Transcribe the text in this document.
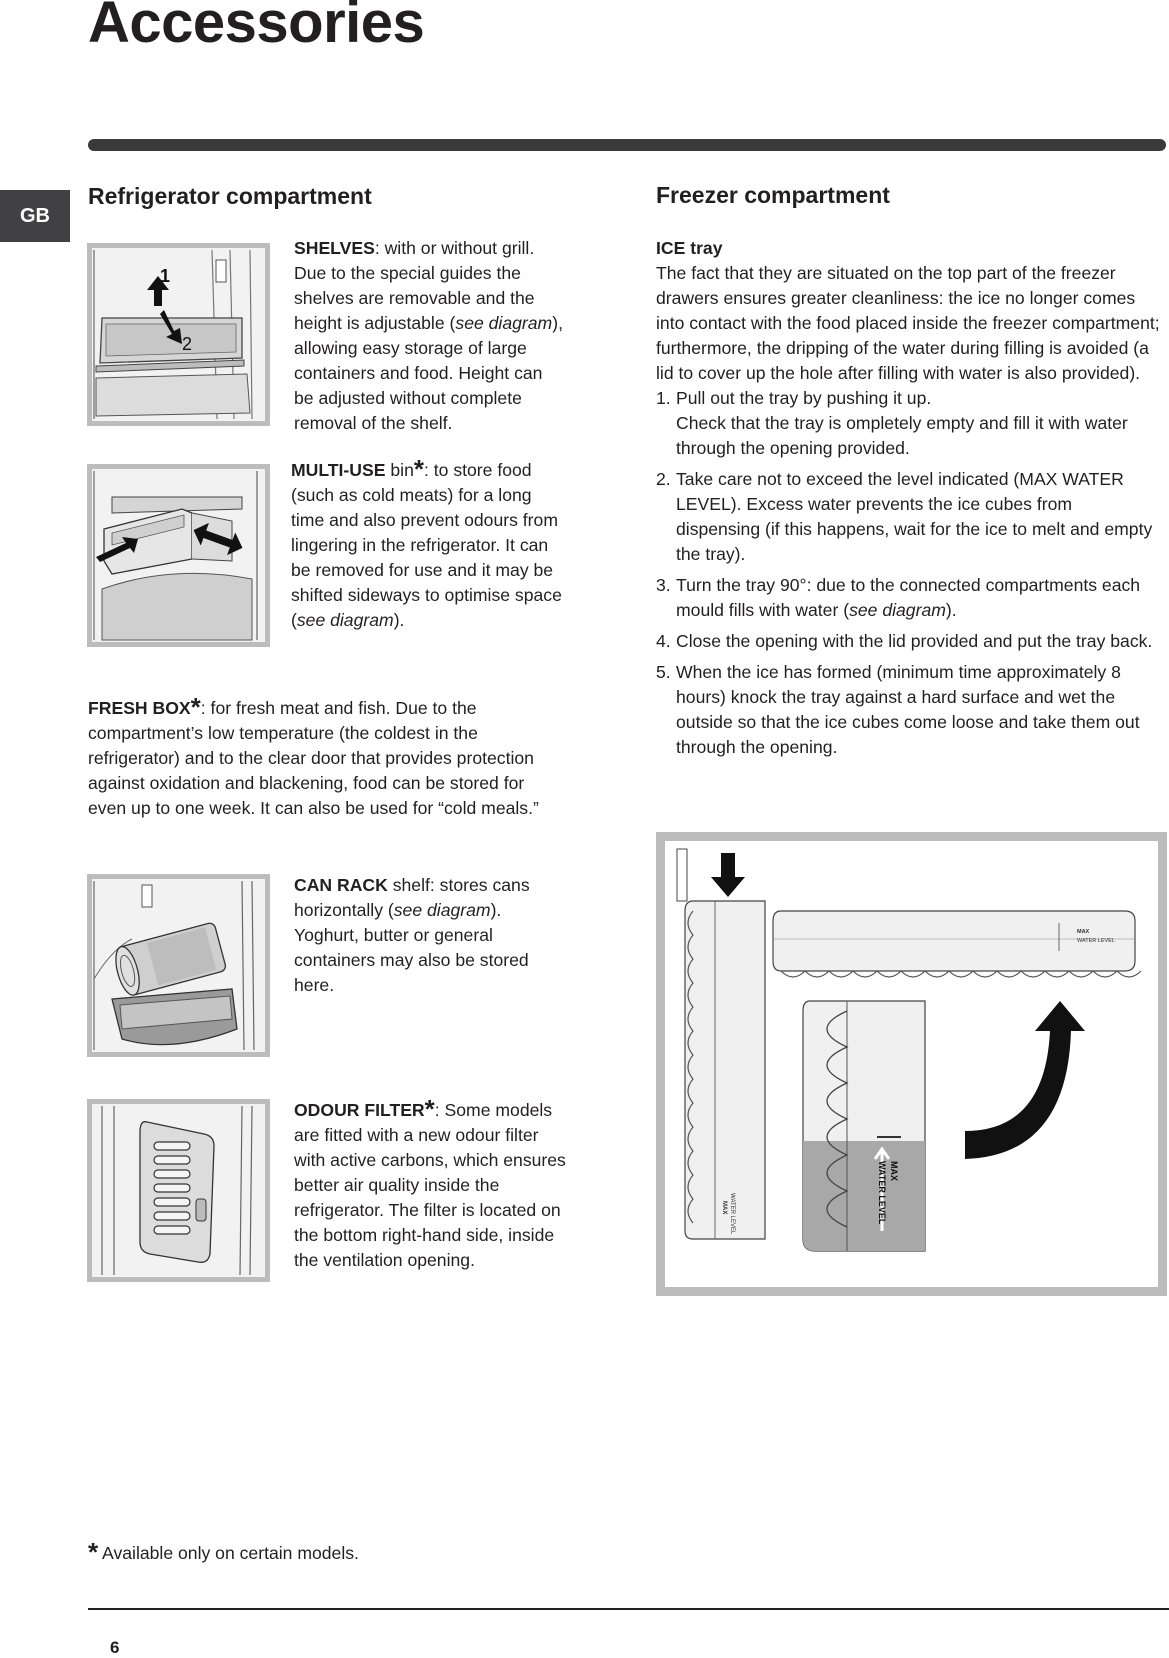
Accessories
GB
Refrigerator compartment
1
2

SHELVES: with or without grill. Due to the special guides the shelves are removable and the height is adjustable (see diagram), allowing easy storage of large containers and food. Height can be adjusted without complete removal of the shelf.

MULTI-USE bin*: to store food (such as cold meats) for a long time and also prevent odours from lingering in the refrigerator. It can be removed for use and it may be shifted sideways to optimise space (see diagram).

FRESH BOX*: for fresh meat and fish. Due to the compartment’s low temperature (the coldest in the refrigerator) and to the clear door that provides protection against oxidation and blackening, food can be stored for even up to one week. It can also be used for “cold meals.”

CAN RACK shelf: stores cans horizontally (see diagram). Yoghurt, butter or general containers may also be stored here.

ODOUR FILTER*: Some models are fitted with a new odour filter with active carbons, which ensures better air quality inside the refrigerator. The filter is located on the bottom right-hand side, inside the ventilation opening.

* Available only on certain models.

Freezer compartment
ICE tray
The fact that they are situated on the top part of the freezer drawers ensures greater cleanliness: the ice no longer comes into contact with the food placed inside the freezer compartment; furthermore, the dripping of the water during filling is avoided (a lid to cover up the hole after filling with water is also provided).
1. Pull out the tray by pushing it up.
Check that the tray is ompletely empty and fill it with water through the opening provided.
2. Take care not to exceed the level indicated (MAX WATER LEVEL). Excess water prevents the ice cubes from dispensing (if this happens, wait for the ice to melt and empty the tray).
3. Turn the tray 90°: due to the connected compartments each mould fills with water (see diagram).
4. Close the opening with the lid provided and put the tray back.
5. When the ice has formed (minimum time approximately 8 hours) knock the tray against a hard surface and wet the outside so that the ice cubes come loose and take them out through the opening.
MAX WATER LEVEL
MAX
WATER LEVEL
MAX
WATER LEVEL
6
